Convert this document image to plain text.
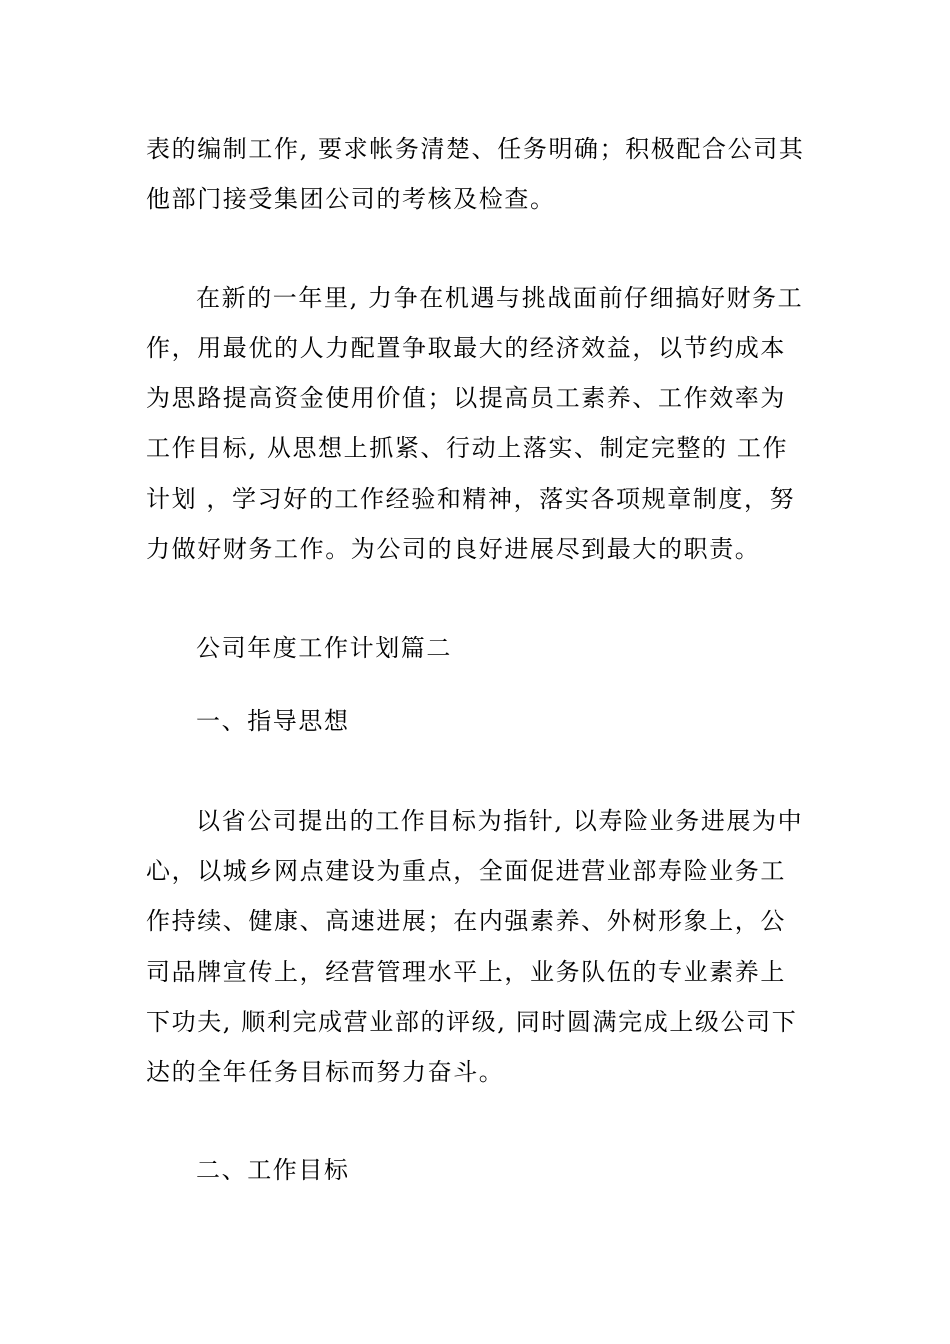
表的编制工作, 要求帐务清楚、任务明确；积极配合公司其

他部门接受集团公司的考核及检查。

在新的一年里, 力争在机遇与挑战面前仔细搞好财务工

作，用最优的人力配置争取最大的经济效益，以节约成本

为思路提高资金使用价值；以提高员工素养、工作效率为

工作目标, 从思想上抓紧、行动上落实、制定完整的 工作

计划 ，学习好的工作经验和精神，落实各项规章制度，努

力做好财务工作。为公司的良好进展尽到最大的职责。

公司年度工作计划篇二

一、指导思想

以省公司提出的工作目标为指针, 以寿险业务进展为中

心，以城乡网点建设为重点，全面促进营业部寿险业务工

作持续、健康、高速进展；在内强素养、外树形象上，公

司品牌宣传上，经营管理水平上，业务队伍的专业素养上

下功夫, 顺利完成营业部的评级, 同时圆满完成上级公司下

达的全年任务目标而努力奋斗。

二、工作目标
